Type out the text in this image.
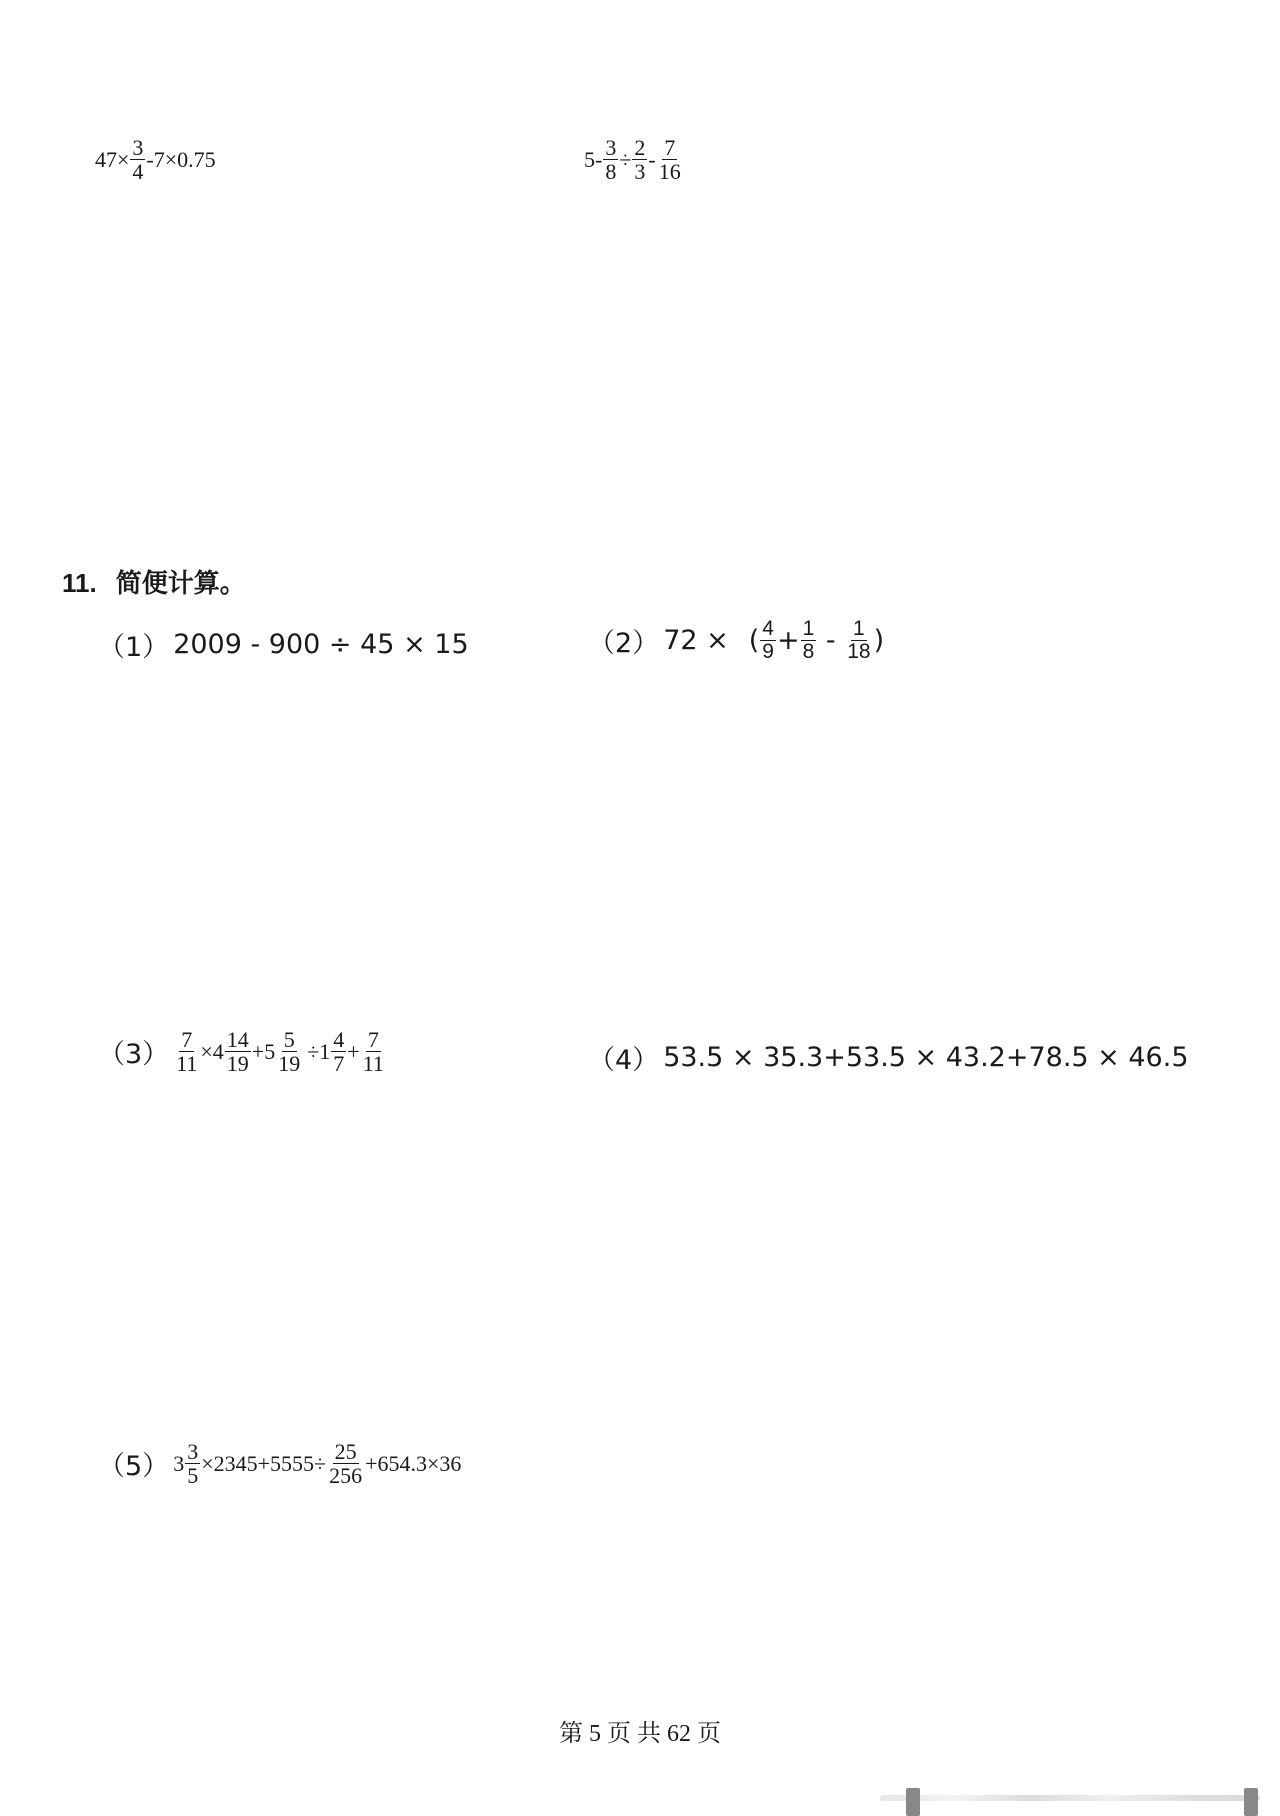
$47\times \frac{3}{4} -7\times 0.75$	$5- \frac{3}{8} \div \frac{2}{3} - \frac{7}{16}$
11. 简便计算。
（1） 2009 - 900 ÷ 45 × 15	（2） 72 × ( $\frac{4}{9} + \frac{1}{8} - \frac{1}{18}$ )
$(3) \frac{7}{11} \times 4 \frac{14}{19} +5 \frac{5}{19} \div 1 \frac{4}{7} + \frac{7}{11}$	（4） 53.5 × 35.3+53.5 × 43.2+78.5 × 46.5
（5） $3 \frac{3}{5} \times 2345+5555\div \frac{25}{256} +654.3\times 36$
第 5 页 共 62 页
